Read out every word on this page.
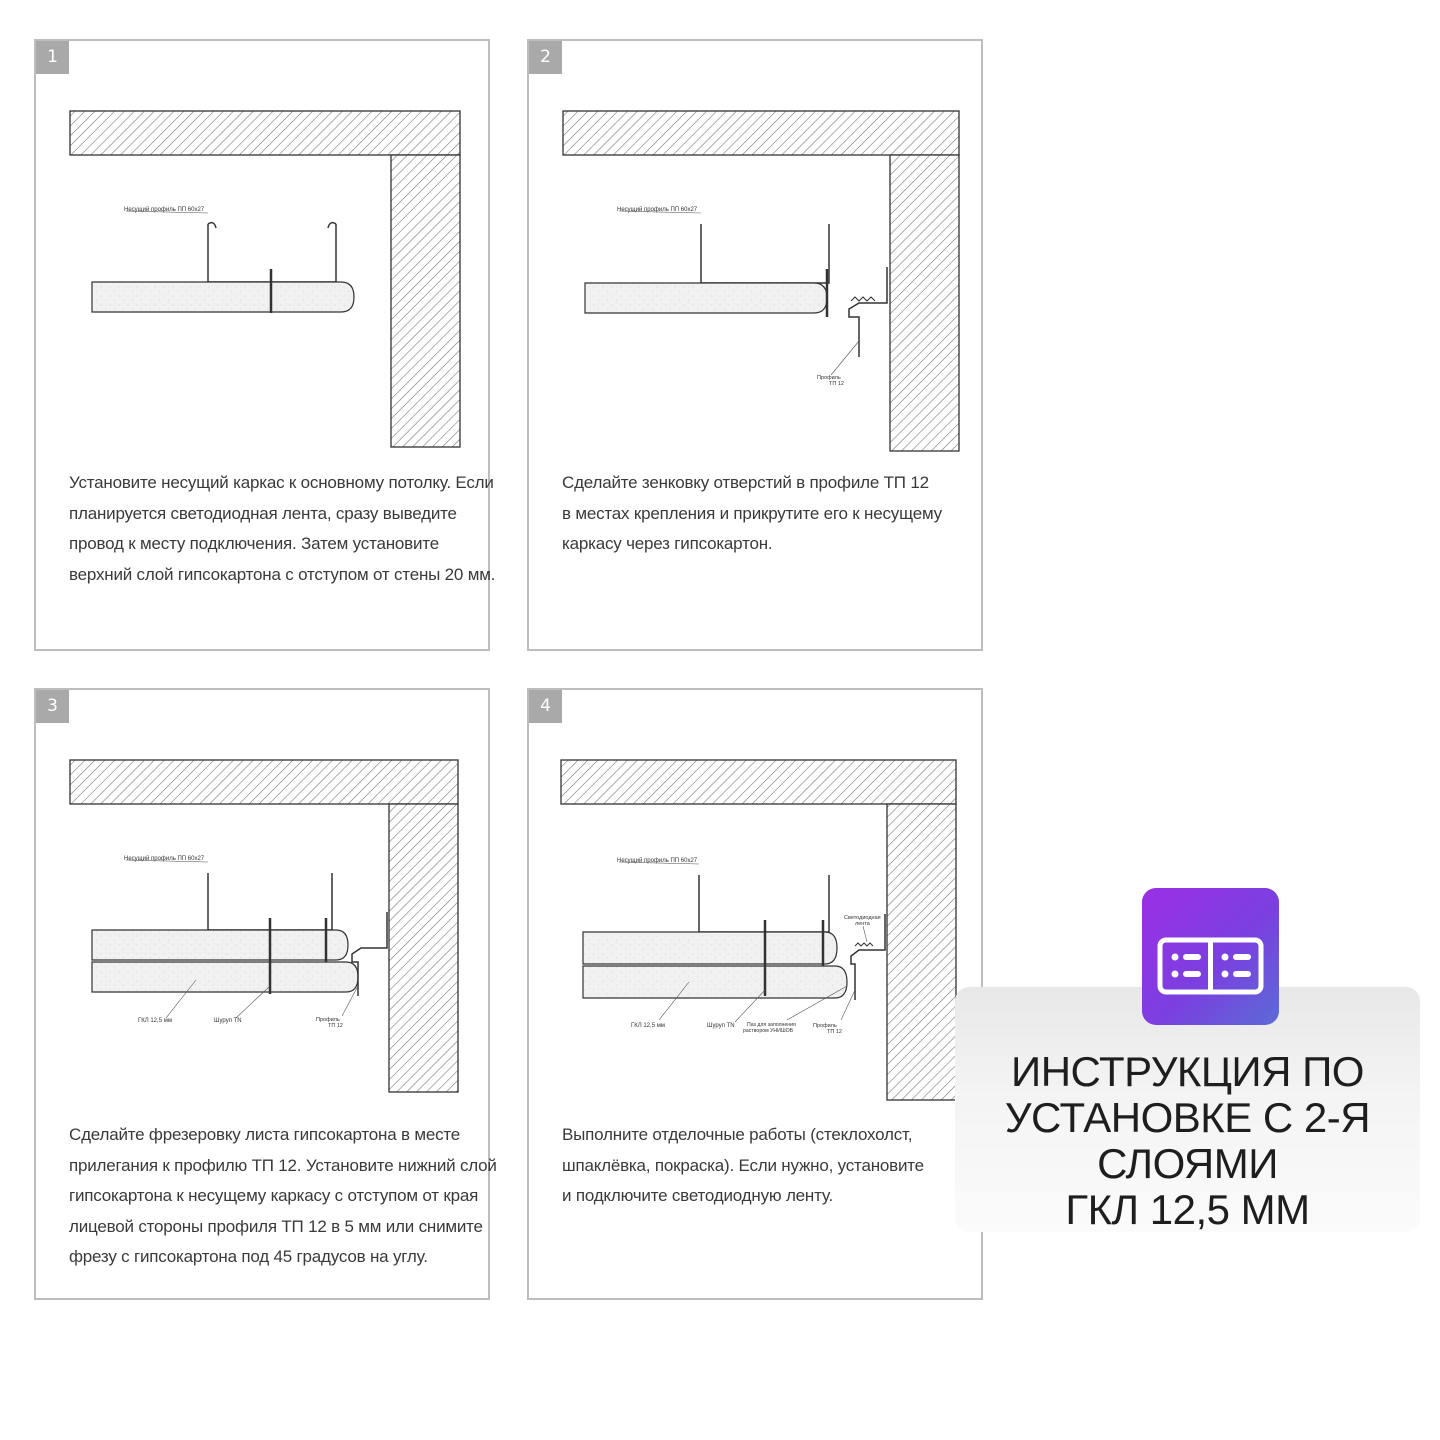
1
Несущий профиль ПП 60х27

Установите несущий каркас к основному потолку. Если
планируется светодиодная лента, сразу выведите
провод к месту подключения. Затем установите
верхний слой гипсокартона с отступом от стены 20 мм.

2
Несущий профиль ПП 60х27
Профиль
ТП 12

Сделайте зенковку отверстий в профиле ТП 12
в местах крепления и прикрутите его к несущему
каркасу через гипсокартон.

3
Несущий профиль ПП 60х27
ГКЛ 12,5 мм	Шуруп ТN	Профиль
ТП 12

Сделайте фрезеровку листа гипсокартона в месте
прилегания к профилю ТП 12. Установите нижний слой
гипсокартона к несущему каркасу с отступом от края
лицевой стороны профиля ТП 12 в 5 мм или снимите
фрезу с гипсокартона под 45 градусов на углу.

4
Несущий профиль ПП 60х27
Светодиодная
лента
ГКЛ 12,5 мм	Шуруп ТN Паз для заполнения
раствором УНИШОВ
Профиль
ТП 12

Выполните отделочные работы (стеклохолст,
шпаклёвка, покраска). Если нужно, установите
и подключите светодиодную ленту.

ИНСТРУКЦИЯ ПО
УСТАНОВКЕ С 2-Я СЛОЯМИ
ГКЛ 12,5 ММ
